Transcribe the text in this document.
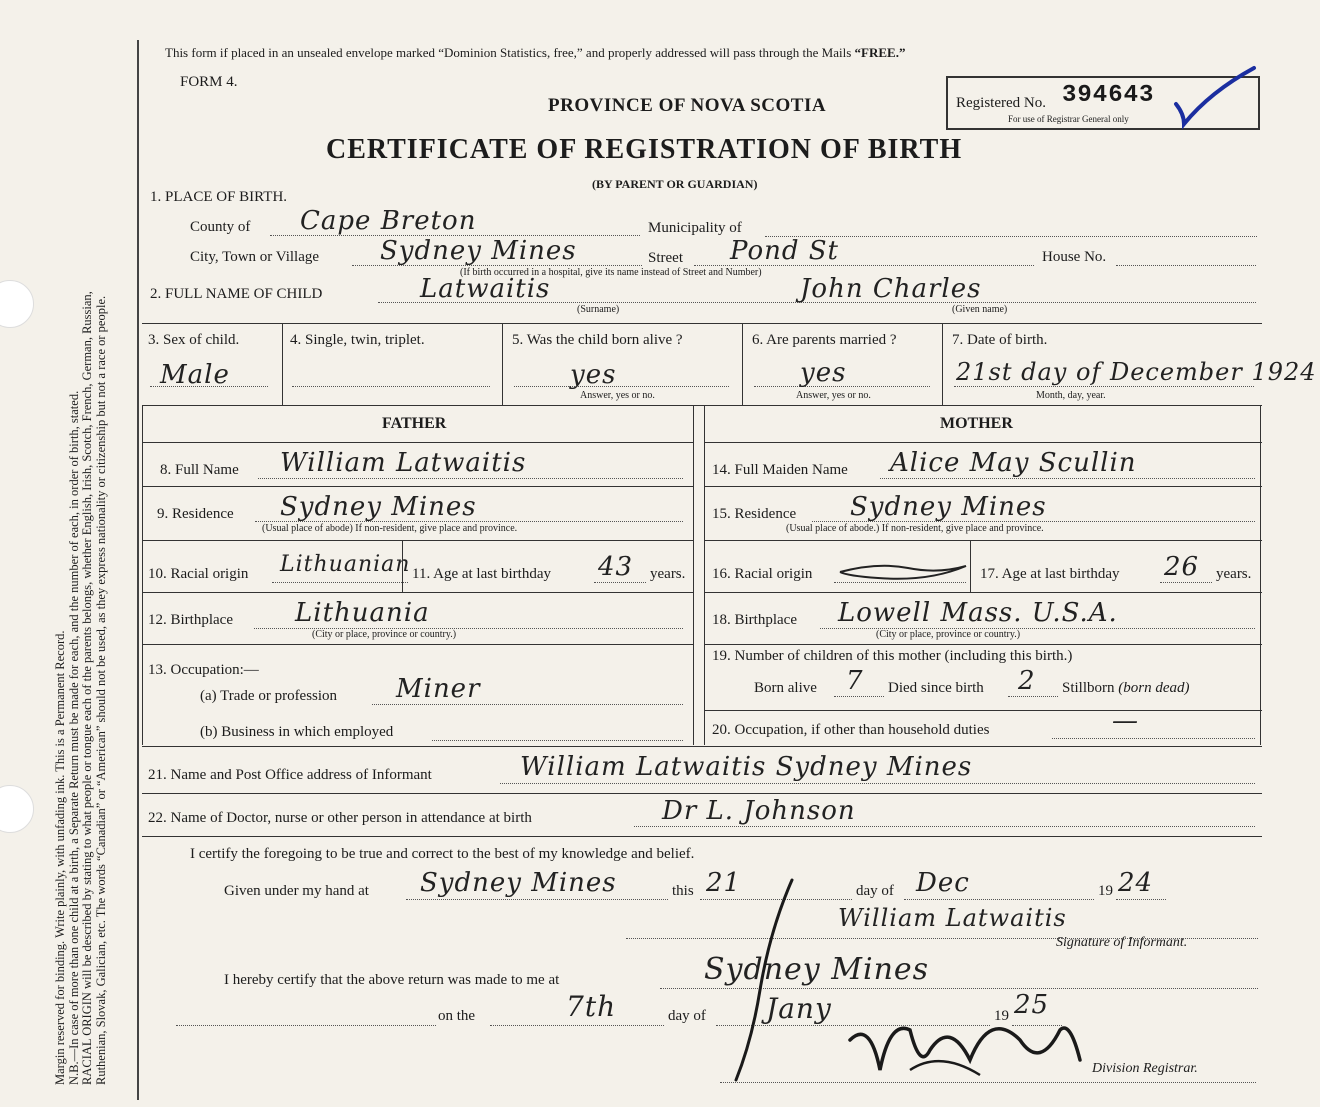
Margin reserved for binding. Write plainly, with unfading ink. This is a Permanent Record. N.B.—In case of more than one child at a birth, a Separate Return must be made for each, and the number of each, in order of birth, stated. RACIAL ORIGIN will be described by stating to what people or tongue each of the parents belongs, whether English, Irish, Scotch, French, German, Russian, Ruthenian, Slovak, Galician, etc. The words “Canadian” or “American” should not be used, as they express nationality or citizenship but not a race or people.
This form if placed in an unsealed envelope marked “Dominion Statistics, free,” and properly addressed will pass through the Mails “FREE.”
FORM 4.
PROVINCE OF NOVA SCOTIA
CERTIFICATE OF REGISTRATION OF BIRTH
(BY PARENT OR GUARDIAN)
Registered No. 394643
For use of Registrar General only
1. PLACE OF BIRTH.
County of Cape Breton	Municipality of
City, Town or Village Sydney Mines	Street Pond St	House No.
(If birth occurred in a hospital, give its name instead of Street and Number)
2. FULL NAME OF CHILD	Latwaitis	John Charles
(Surname)	(Given name)
3. Sex of child.
Male
4. Single, twin, triplet.	5. Was the child born alive ?
yes
Answer, yes or no.
6. Are parents married ?
yes
Answer, yes or no.
7. Date of birth.
21st day of December 1924
Month, day, year.
FATHER	MOTHER
8. Full Name William Latwaitis	14. Full Maiden Name Alice May Scullin
9. Residence Sydney Mines
(Usual place of abode) If non-resident, give place and province.
15. Residence Sydney Mines
(Usual place of abode.) If non-resident, give place and province.
10. Racial origin Lithuanian 11. Age at last birthday 43 years. 16. Racial origin	17. Age at last birthday 26 years.
12. Birthplace Lithuania
(City or place, province or country.)
18. Birthplace Lowell Mass. U.S.A.
(City or place, province or country.)
13. Occupation:—
(a) Trade or profession Miner
(b) Business in which employed
19. Number of children of this mother (including this birth.)
Born alive 7 Died since birth 2 Stillborn (born dead)
20. Occupation, if other than household duties	—
21. Name and Post Office address of Informant	William Latwaitis Sydney Mines
22. Name of Doctor, nurse or other person in attendance at birth	Dr L. Johnson
I certify the foregoing to be true and correct to the best of my knowledge and belief.
Given under my hand at Sydney Mines	this 21	day of Dec	19 24
William Latwaitis
Signature of Informant.
I hereby certify that the above return was made to me at	Sydney Mines
on the	7th	day of Jany	19 25
Division Registrar.
